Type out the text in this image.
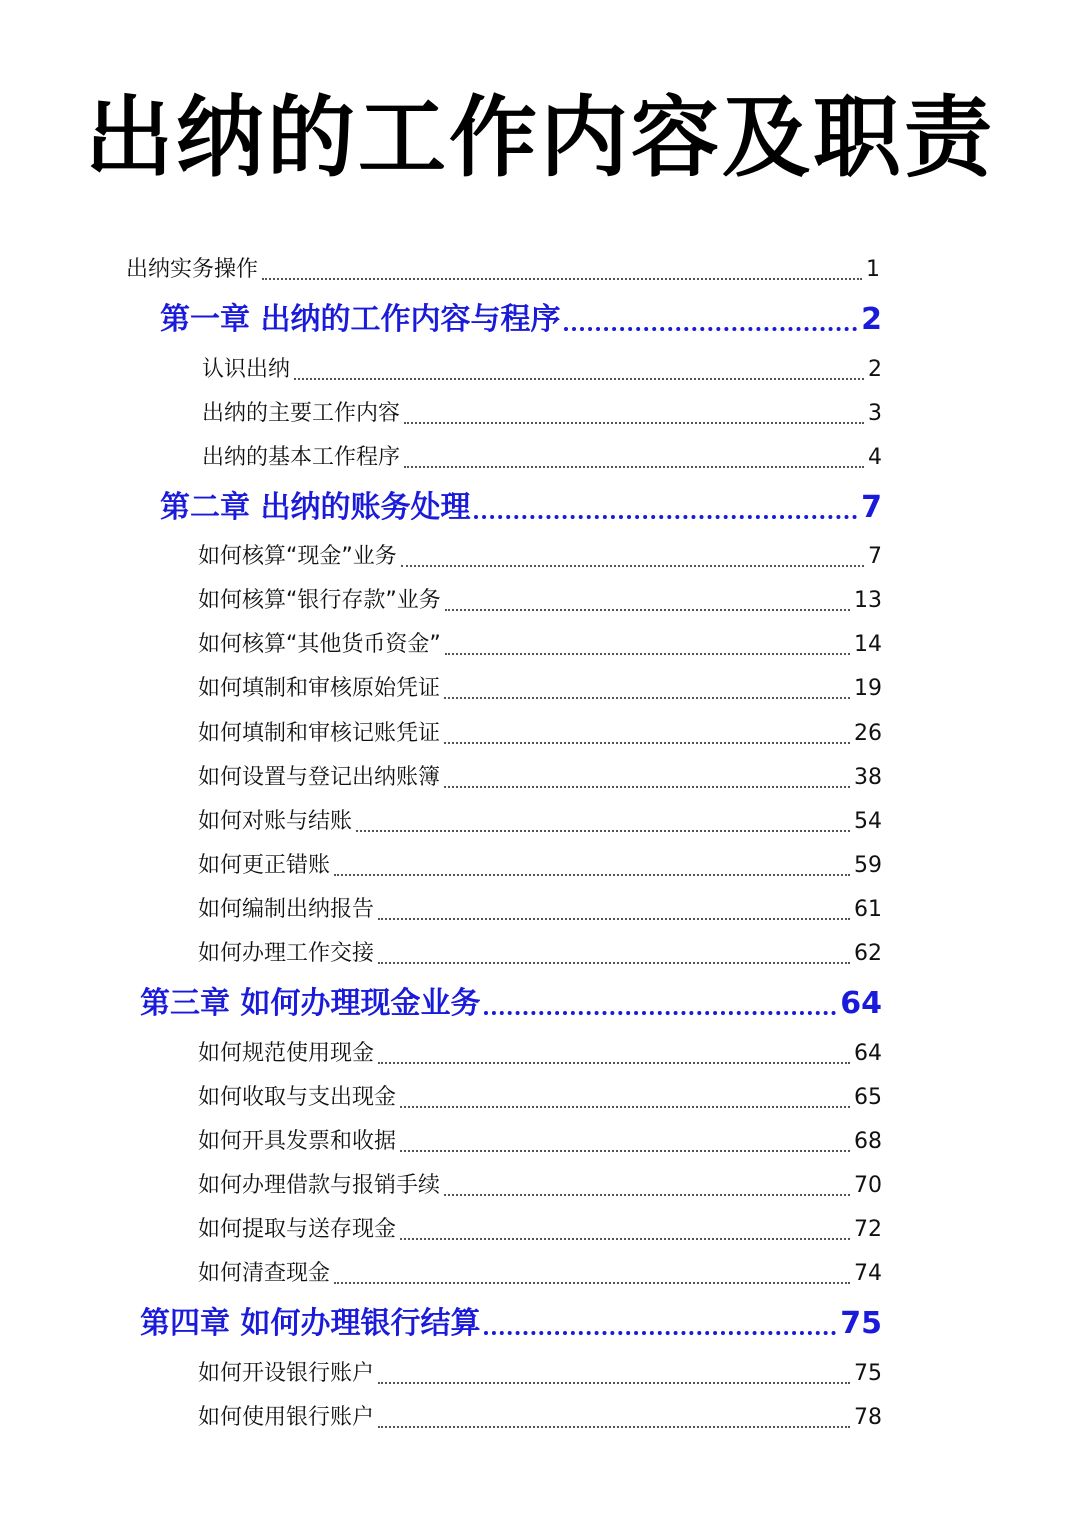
出纳的工作内容及职责
出纳实务操作	1
第一章 出纳的工作内容与程序	2
认识出纳	2
出纳的主要工作内容	3
出纳的基本工作程序	4
第二章 出纳的账务处理	7
如何核算“现金”业务	7
如何核算“银行存款”业务	13
如何核算“其他货币资金”	14
如何填制和审核原始凭证	19
如何填制和审核记账凭证	26
如何设置与登记出纳账簿	38
如何对账与结账	54
如何更正错账	59
如何编制出纳报告	61
如何办理工作交接	62
第三章 如何办理现金业务	64
如何规范使用现金	64
如何收取与支出现金	65
如何开具发票和收据	68
如何办理借款与报销手续	70
如何提取与送存现金	72
如何清查现金	74
第四章 如何办理银行结算	75
如何开设银行账户	75
如何使用银行账户	78
